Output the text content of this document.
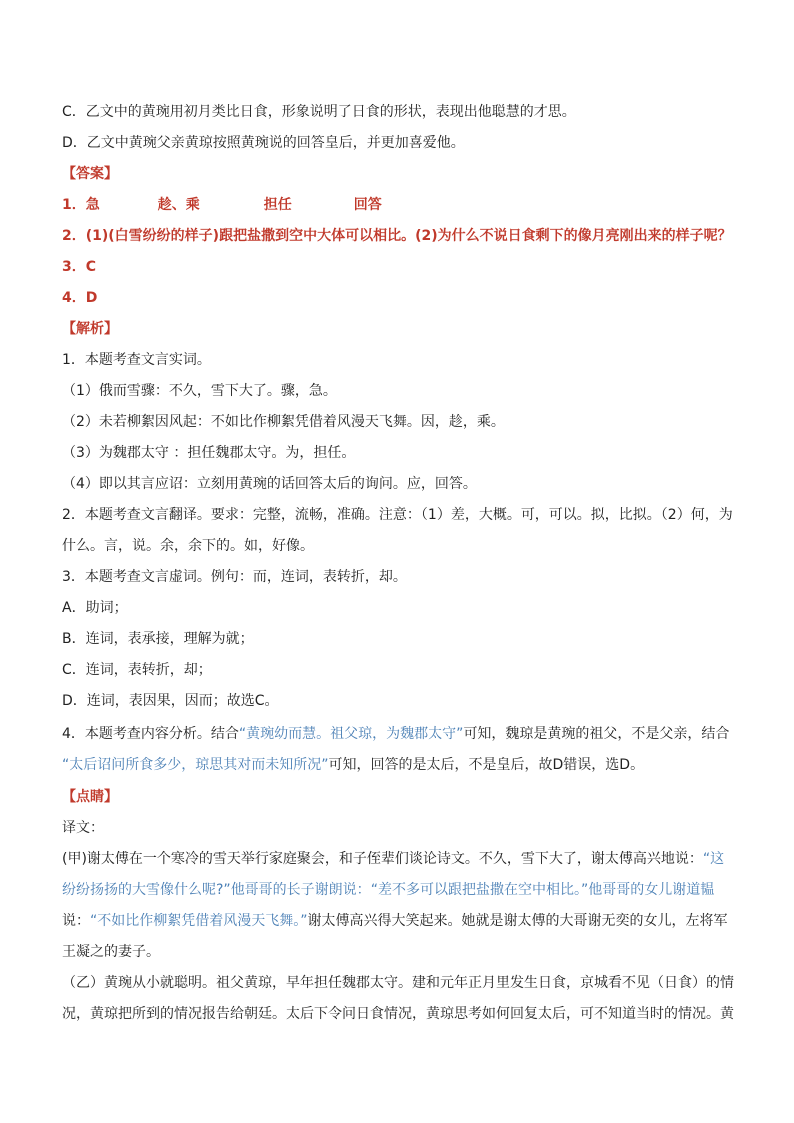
C．乙文中的黄琬用初月类比日食，形象说明了日食的形状，表现出他聪慧的才思。
D．乙文中黄琬父亲黄琼按照黄琬说的回答皇后，并更加喜爱他。
【答案】
1．急	趁、乘	担任	回答
2．(1)(白雪纷纷的样子)跟把盐撒到空中大体可以相比。(2)为什么不说日食剩下的像月亮刚出来的样子呢？
3．C
4．D
【解析】
1．本题考查文言实词。
（1）俄而雪骤：不久，雪下大了。骤，急。
（2）未若柳絮因风起：不如比作柳絮凭借着风漫天飞舞。因，趁，乘。
（3）为魏郡太守 ：担任魏郡太守。为，担任。
（4）即以其言应诏：立刻用黄琬的话回答太后的询问。应，回答。
2．本题考查文言翻译。要求：完整，流畅，准确。注意：（1）差，大概。可，可以。拟，比拟。（2）何，为
什么。言，说。余，余下的。如，好像。
3．本题考查文言虚词。例句：而，连词，表转折，却。
A．助词；
B．连词，表承接，理解为就；
C．连词，表转折，却；
D．连词，表因果，因而；故选C。
4．本题考查内容分析。结合“黄琬幼而慧。祖父琼，为魏郡太守”可知，魏琼是黄琬的祖父，不是父亲，结合
“太后诏问所食多少，琼思其对而未知所况”可知，回答的是太后，不是皇后，故D错误，选D。
【点睛】
译文：
(甲)谢太傅在一个寒冷的雪天举行家庭聚会，和子侄辈们谈论诗文。不久，雪下大了，谢太傅高兴地说：“这
纷纷扬扬的大雪像什么呢?”他哥哥的长子谢朗说：“差不多可以跟把盐撒在空中相比。”他哥哥的女儿谢道韫
说：“不如比作柳絮凭借着风漫天飞舞。”谢太傅高兴得大笑起来。她就是谢太傅的大哥谢无奕的女儿，左将军
王凝之的妻子。
（乙）黄琬从小就聪明。祖父黄琼，早年担任魏郡太守。建和元年正月里发生日食，京城看不见（日食）的情
况，黄琼把所到的情况报告给朝廷。太后下令问日食情况，黄琼思考如何回复太后，可不知道当时的情况。黄
